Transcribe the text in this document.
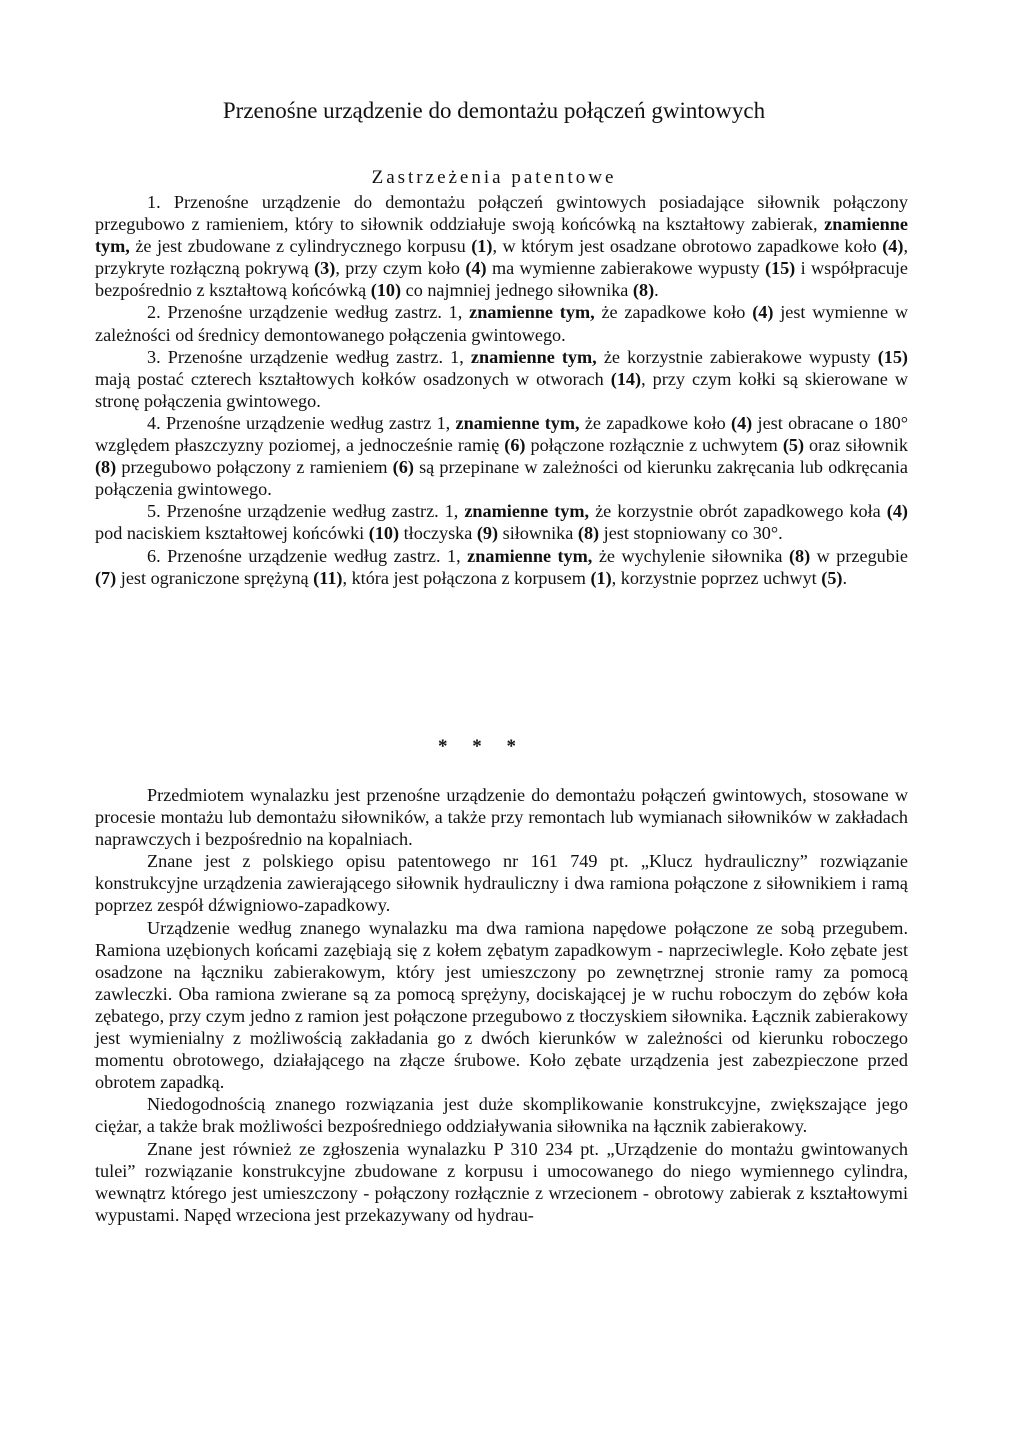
Przenośne urządzenie do demontażu połączeń gwintowych
Zastrzeżenia patentowe

1. Przenośne urządzenie do demontażu połączeń gwintowych posiadające siłownik połączony przegubowo z ramieniem, który to siłownik oddziałuje swoją końcówką na kształtowy zabierak, znamienne tym, że jest zbudowane z cylindrycznego korpusu (1), w którym jest osadzane obrotowo zapadkowe koło (4), przykryte rozłączną pokrywą (3), przy czym koło (4) ma wymienne zabierakowe wypusty (15) i współpracuje bezpośrednio z kształtową końcówką (10) co najmniej jednego siłownika (8).

2. Przenośne urządzenie według zastrz. 1, znamienne tym, że zapadkowe koło (4) jest wymienne w zależności od średnicy demontowanego połączenia gwintowego.

3. Przenośne urządzenie według zastrz. 1, znamienne tym, że korzystnie zabierakowe wypusty (15) mają postać czterech kształtowych kołków osadzonych w otworach (14), przy czym kołki są skierowane w stronę połączenia gwintowego.

4. Przenośne urządzenie według zastrz 1, znamienne tym, że zapadkowe koło (4) jest obracane o 180° względem płaszczyzny poziomej, a jednocześnie ramię (6) połączone rozłącznie z uchwytem (5) oraz siłownik (8) przegubowo połączony z ramieniem (6) są przepinane w zależności od kierunku zakręcania lub odkręcania połączenia gwintowego.

5. Przenośne urządzenie według zastrz. 1, znamienne tym, że korzystnie obrót zapadkowego koła (4) pod naciskiem kształtowej końcówki (10) tłoczyska (9) siłownika (8) jest stopniowany co 30°.

6. Przenośne urządzenie według zastrz. 1, znamienne tym, że wychylenie siłownika (8) w przegubie (7) jest ograniczone sprężyną (11), która jest połączona z korpusem (1), korzystnie poprzez uchwyt (5).

* * *

Przedmiotem wynalazku jest przenośne urządzenie do demontażu połączeń gwintowych, stosowane w procesie montażu lub demontażu siłowników, a także przy remontach lub wymianach siłowników w zakładach naprawczych i bezpośrednio na kopalniach.

Znane jest z polskiego opisu patentowego nr 161 749 pt. „Klucz hydrauliczny” rozwiązanie konstrukcyjne urządzenia zawierającego siłownik hydrauliczny i dwa ramiona połączone z siłownikiem i ramą poprzez zespół dźwigniowo-zapadkowy.

Urządzenie według znanego wynalazku ma dwa ramiona napędowe połączone ze sobą przegubem. Ramiona uzębionych końcami zazębiają się z kołem zębatym zapadkowym - naprzeciwlegle. Koło zębate jest osadzone na łączniku zabierakowym, który jest umieszczony po zewnętrznej stronie ramy za pomocą zawleczki. Oba ramiona zwierane są za pomocą sprężyny, dociskającej je w ruchu roboczym do zębów koła zębatego, przy czym jedno z ramion jest połączone przegubowo z tłoczyskiem siłownika. Łącznik zabierakowy jest wymienialny z możliwością zakładania go z dwóch kierunków w zależności od kierunku roboczego momentu obrotowego, działającego na złącze śrubowe. Koło zębate urządzenia jest zabezpieczone przed obrotem zapadką.

Niedogodnością znanego rozwiązania jest duże skomplikowanie konstrukcyjne, zwiększające jego ciężar, a także brak możliwości bezpośredniego oddziaływania siłownika na łącznik zabierakowy.

Znane jest również ze zgłoszenia wynalazku P 310 234 pt. „Urządzenie do montażu gwintowanych tulei” rozwiązanie konstrukcyjne zbudowane z korpusu i umocowanego do niego wymiennego cylindra, wewnątrz którego jest umieszczony - połączony rozłącznie z wrzecionem - obrotowy zabierak z kształtowymi wypustami. Napęd wrzeciona jest przekazywany od hydrau-
